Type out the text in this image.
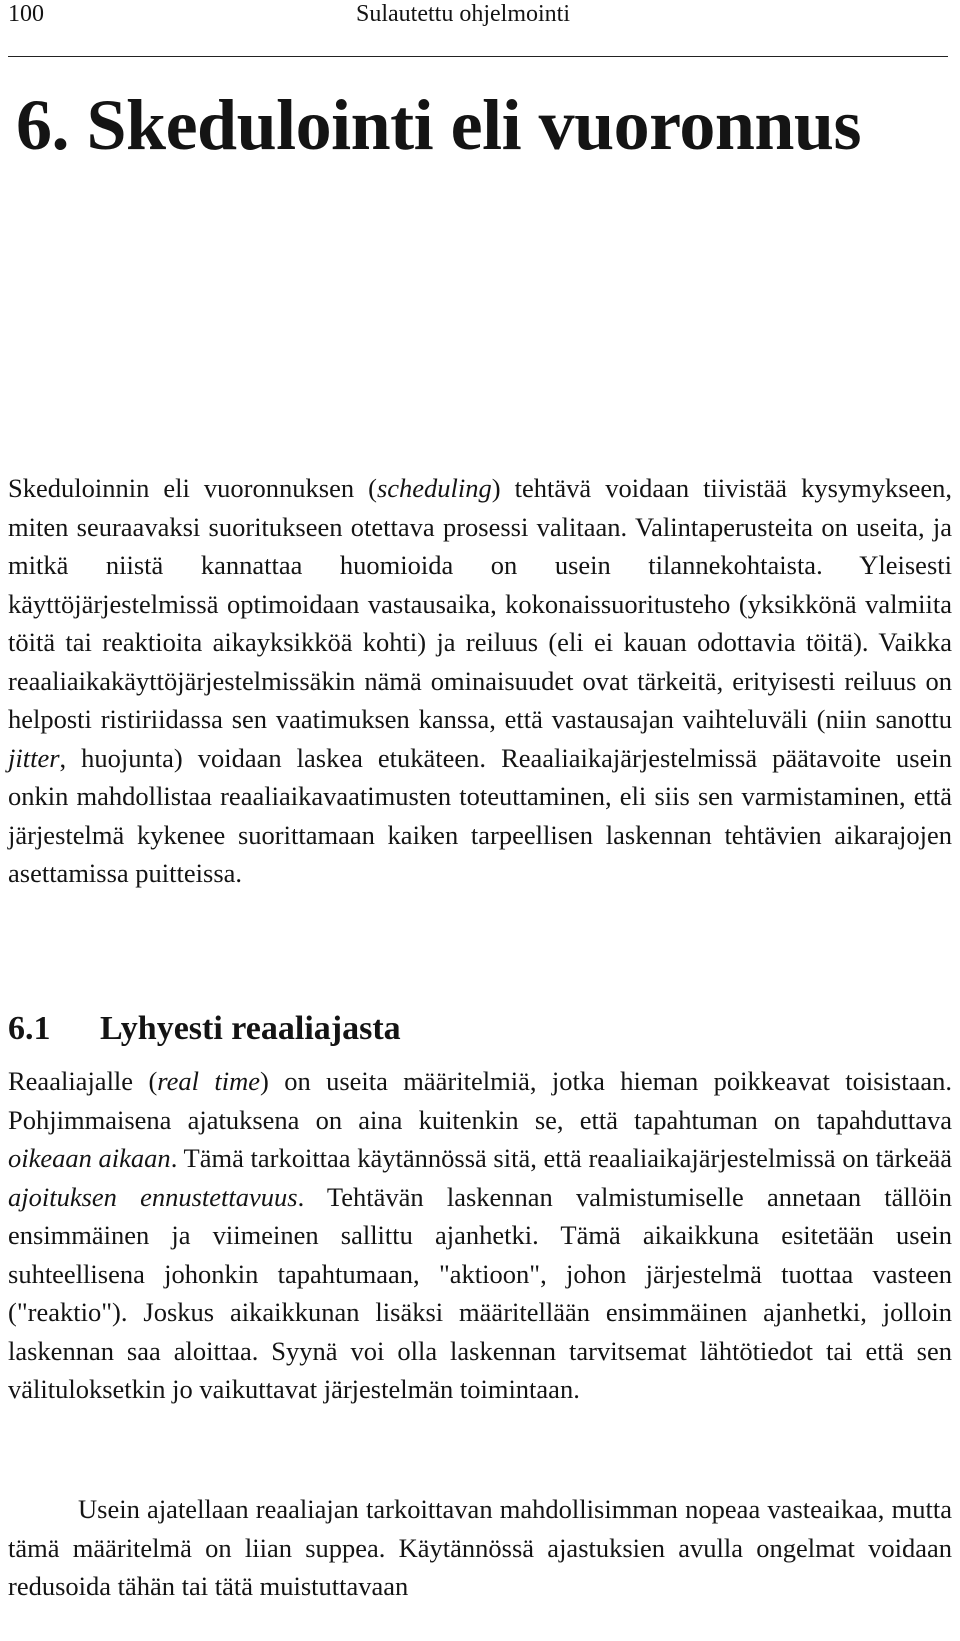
100	Sulautettu ohjelmointi
6. Skedulointi eli vuoronnus

Skeduloinnin eli vuoronnuksen (scheduling) tehtävä voidaan tiivistää kysymykseen, miten seuraavaksi suoritukseen otettava prosessi valitaan. Valintaperusteita on useita, ja mitkä niistä kannattaa huomioida on usein tilannekohtaista. Yleisesti käyttöjärjestelmissä optimoidaan vastausaika, kokonaissuoritusteho (yksikkönä valmiita töitä tai reaktioita aikayksikköä kohti) ja reiluus (eli ei kauan odottavia töitä). Vaikka reaaliaikakäyttöjärjestelmissäkin nämä ominaisuudet ovat tärkeitä, erityisesti reiluus on helposti ristiriidassa sen vaatimuksen kanssa, että vastausajan vaihteluväli (niin sanottu jitter, huojunta) voidaan laskea etukäteen. Reaaliaikajärjestelmissä päätavoite usein onkin mahdollistaa reaaliaikavaatimusten toteuttaminen, eli siis sen varmistaminen, että järjestelmä kykenee suorittamaan kaiken tarpeellisen laskennan tehtävien aikarajojen asettamissa puitteissa.

6.1 Lyhyesti reaaliajasta

Reaaliajalle (real time) on useita määritelmiä, jotka hieman poikkeavat toisistaan. Pohjimmaisena ajatuksena on aina kuitenkin se, että tapahtuman on tapahduttava oikeaan aikaan. Tämä tarkoittaa käytännössä sitä, että reaaliaikajärjestelmissä on tärkeää ajoituksen ennustettavuus. Tehtävän laskennan valmistumiselle annetaan tällöin ensimmäinen ja viimeinen sallittu ajanhetki. Tämä aikaikkuna esitetään usein suhteellisena johonkin tapahtumaan, "aktioon", johon järjestelmä tuottaa vasteen ("reaktio"). Joskus aikaikkunan lisäksi määritellään ensimmäinen ajanhetki, jolloin laskennan saa aloittaa. Syynä voi olla laskennan tarvitsemat lähtötiedot tai että sen välituloksetkin jo vaikuttavat järjestelmän toimintaan.

Usein ajatellaan reaaliajan tarkoittavan mahdollisimman nopeaa vasteaikaa, mutta tämä määritelmä on liian suppea. Käytännössä ajastuksien avulla ongelmat voidaan redusoida tähän tai tätä muistuttavaan
